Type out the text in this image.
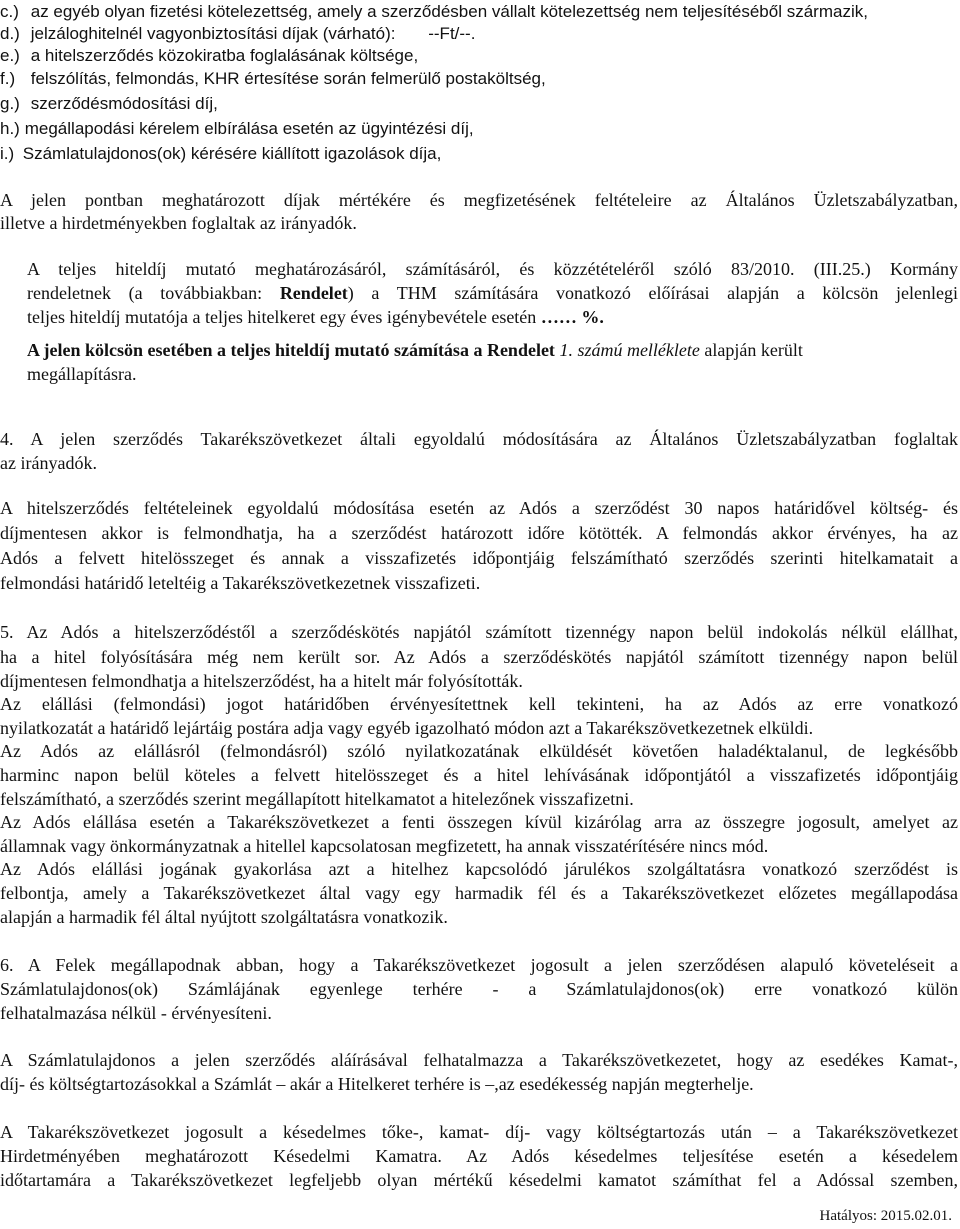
c.) az egyéb olyan fizetési kötelezettség, amely a szerződésben vállalt kötelezettség nem teljesítéséből származik,
d.) jelzáloghitelnél vagyonbiztosítási díjak (várható): --Ft/--.
e.) a hitelszerződés közokiratba foglalásának költsége,
f.) felszólítás, felmondás, KHR értesítése során felmerülő postaköltség,
g.) szerződésmódosítási díj,
h.) megállapodási kérelem elbírálása esetén az ügyintézési díj,
i.) Számlatulajdonos(ok) kérésére kiállított igazolások díja,
A jelen pontban meghatározott díjak mértékére és megfizetésének feltételeire az Általános Üzletszabályzatban,
illetve a hirdetményekben foglaltak az irányadók.
A teljes hiteldíj mutató meghatározásáról, számításáról, és közzétételéről szóló 83/2010. (III.25.) Kormány
rendeletnek (a továbbiakban: Rendelet) a THM számítására vonatkozó előírásai alapján a kölcsön jelenlegi
teljes hiteldíj mutatója a teljes hitelkeret egy éves igénybevétele esetén …… %.
A jelen kölcsön esetében a teljes hiteldíj mutató számítása a Rendelet 1. számú melléklete alapján került
megállapításra.
4. A jelen szerződés Takarékszövetkezet általi egyoldalú módosítására az Általános Üzletszabályzatban foglaltak
az irányadók.
A hitelszerződés feltételeinek egyoldalú módosítása esetén az Adós a szerződést 30 napos határidővel költség- és
díjmentesen akkor is felmondhatja, ha a szerződést határozott időre kötötték. A felmondás akkor érvényes, ha az
Adós a felvett hitelösszeget és annak a visszafizetés időpontjáig felszámítható szerződés szerinti hitelkamatait a
felmondási határidő leteltéig a Takarékszövetkezetnek visszafizeti.
5. Az Adós a hitelszerződéstől a szerződéskötés napjától számított tizennégy napon belül indokolás nélkül elállhat,
ha a hitel folyósítására még nem került sor. Az Adós a szerződéskötés napjától számított tizennégy napon belül
díjmentesen felmondhatja a hitelszerződést, ha a hitelt már folyósították.
Az elállási (felmondási) jogot határidőben érvényesítettnek kell tekinteni, ha az Adós az erre vonatkozó
nyilatkozatát a határidő lejártáig postára adja vagy egyéb igazolható módon azt a Takarékszövetkezetnek elküldi.
Az Adós az elállásról (felmondásról) szóló nyilatkozatának elküldését követően haladéktalanul, de legkésőbb
harminc napon belül köteles a felvett hitelösszeget és a hitel lehívásának időpontjától a visszafizetés időpontjáig
felszámítható, a szerződés szerint megállapított hitelkamatot a hitelezőnek visszafizetni.
Az Adós elállása esetén a Takarékszövetkezet a fenti összegen kívül kizárólag arra az összegre jogosult, amelyet az
államnak vagy önkormányzatnak a hitellel kapcsolatosan megfizetett, ha annak visszatérítésére nincs mód.
Az Adós elállási jogának gyakorlása azt a hitelhez kapcsolódó járulékos szolgáltatásra vonatkozó szerződést is
felbontja, amely a Takarékszövetkezet által vagy egy harmadik fél és a Takarékszövetkezet előzetes megállapodása
alapján a harmadik fél által nyújtott szolgáltatásra vonatkozik.
6. A Felek megállapodnak abban, hogy a Takarékszövetkezet jogosult a jelen szerződésen alapuló követeléseit a
Számlatulajdonos(ok) Számlájának egyenlege terhére - a Számlatulajdonos(ok) erre vonatkozó külön
felhatalmazása nélkül - érvényesíteni.
A Számlatulajdonos a jelen szerződés aláírásával felhatalmazza a Takarékszövetkezetet, hogy az esedékes Kamat-,
díj- és költségtartozásokkal a Számlát – akár a Hitelkeret terhére is –,az esedékesség napján megterhelje.
A Takarékszövetkezet jogosult a késedelmes tőke-, kamat- díj- vagy költségtartozás után – a Takarékszövetkezet
Hirdetményében meghatározott Késedelmi Kamatra. Az Adós késedelmes teljesítése esetén a késedelem
időtartamára a Takarékszövetkezet legfeljebb olyan mértékű késedelmi kamatot számíthat fel a Adóssal szemben,
Hatályos: 2015.02.01.
